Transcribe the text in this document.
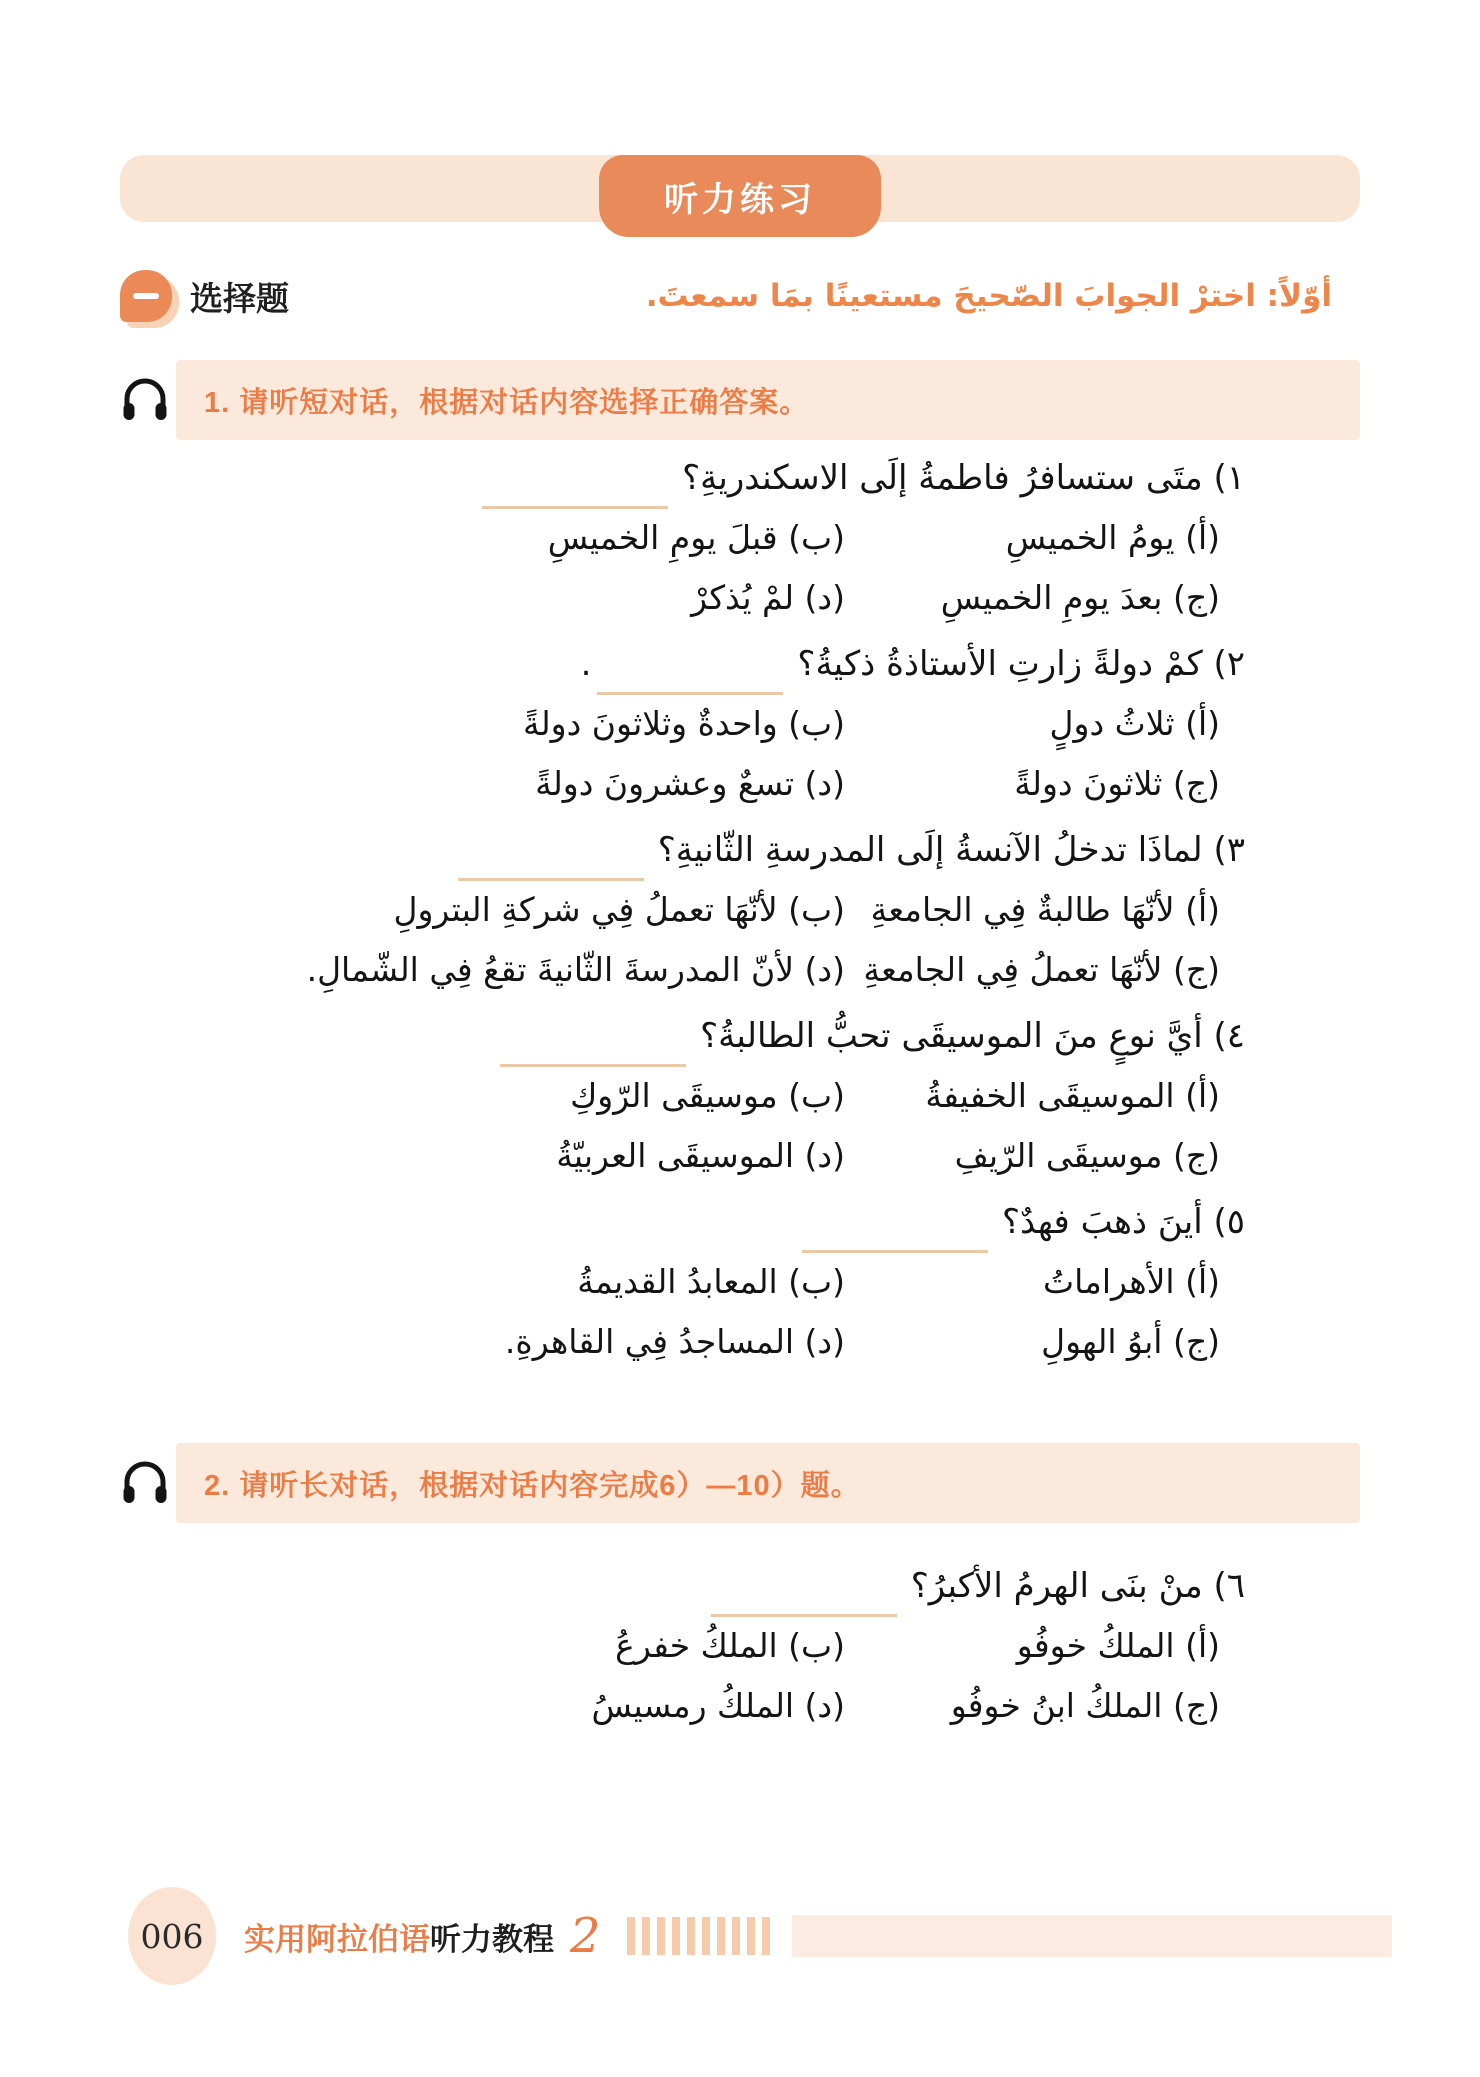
听力练习
选择题	أوّلاً: اخترْ الجوابَ الصّحيحَ مستعينًا بمَا سمعتَ.
1. 请听短对话，根据对话内容选择正确答案。
١) متَى ستسافرُ فاطمةُ إلَى الاسكندريةِ؟
(أ) يومُ الخميسِ
(ب) قبلَ يومِ الخميسِ
(ج) بعدَ يومِ الخميسِ
(د) لمْ يُذكرْ
٢) كمْ دولةً زارتِ الأستاذةُ ذكيةُ؟.
(أ) ثلاثُ دولٍ
(ب) واحدةٌ وثلاثونَ دولةً
(ج) ثلاثونَ دولةً
(د) تسعٌ وعشرونَ دولةً
٣) لماذَا تدخلُ الآنسةُ إلَى المدرسةِ الثّانيةِ؟
(أ) لأنّهَا طالبةٌ فِي الجامعةِ
(ب) لأنّهَا تعملُ فِي شركةِ البترولِ
(ج) لأنّهَا تعملُ فِي الجامعةِ
(د) لأنّ المدرسةَ الثّانيةَ تقعُ فِي الشّمالِ.
٤) أيَّ نوعٍ منَ الموسيقَى تحبُّ الطالبةُ؟
(أ) الموسيقَى الخفيفةُ
(ب) موسيقَى الرّوكِ
(ج) موسيقَى الرّيفِ
(د) الموسيقَى العربيّةُ
٥) أينَ ذهبَ فهدٌ؟
(أ) الأهراماتُ
(ب) المعابدُ القديمةُ
(ج) أبوُ الهولِ
(د) المساجدُ فِي القاهرةِ.
2. 请听长对话，根据对话内容完成6）—10）题。
٦) منْ بنَى الهرمُ الأكبرُ؟
(أ) الملكُ خوفُو
(ب) الملكُ خفرعُ
(ج) الملكُ ابنُ خوفُو
(د) الملكُ رمسيسُ
006 实用阿拉伯语听力教程 2
